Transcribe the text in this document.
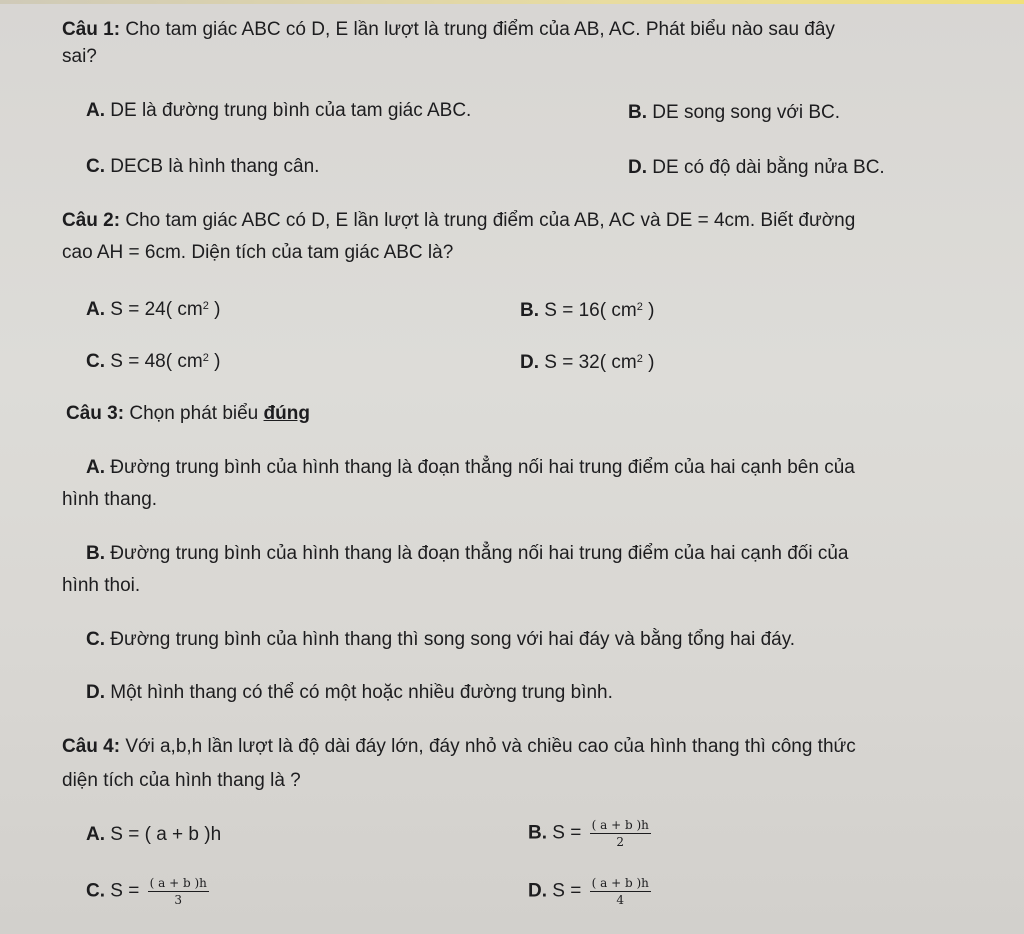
Câu 1: Cho tam giác ABC có D, E lần lượt là trung điểm của AB, AC. Phát biểu nào sau đây
sai?
A. DE là đường trung bình của tam giác ABC.	B. DE song song với BC.
C. DECB là hình thang cân.	D. DE có độ dài bằng nửa BC.
Câu 2: Cho tam giác ABC có D, E lần lượt là trung điểm của AB, AC và DE = 4cm. Biết đường
cao AH = 6cm. Diện tích của tam giác ABC là?
A. S = 24( $cm^2$ )	B. S = 16( $cm^2$ )
C. S = 48( $cm^2$ )	D. S = 32( $cm^2$ )
Câu 3: Chọn phát biểu đúng
A. Đường trung bình của hình thang là đoạn thẳng nối hai trung điểm của hai cạnh bên của
hình thang.
B. Đường trung bình của hình thang là đoạn thẳng nối hai trung điểm của hai cạnh đối của
hình thoi.
C. Đường trung bình của hình thang thì song song với hai đáy và bằng tổng hai đáy.
D. Một hình thang có thể có một hoặc nhiều đường trung bình.
Câu 4: Với a,b,h lần lượt là độ dài đáy lớn, đáy nhỏ và chiều cao của hình thang thì công thức
diện tích của hình thang là ?
A. S = ( a + b )h	B. $S = \frac{( a + b )h}{2}$
C. $S = \frac{( a + b )h}{3}$	D. $S = \frac{( a + b )h}{4}$
